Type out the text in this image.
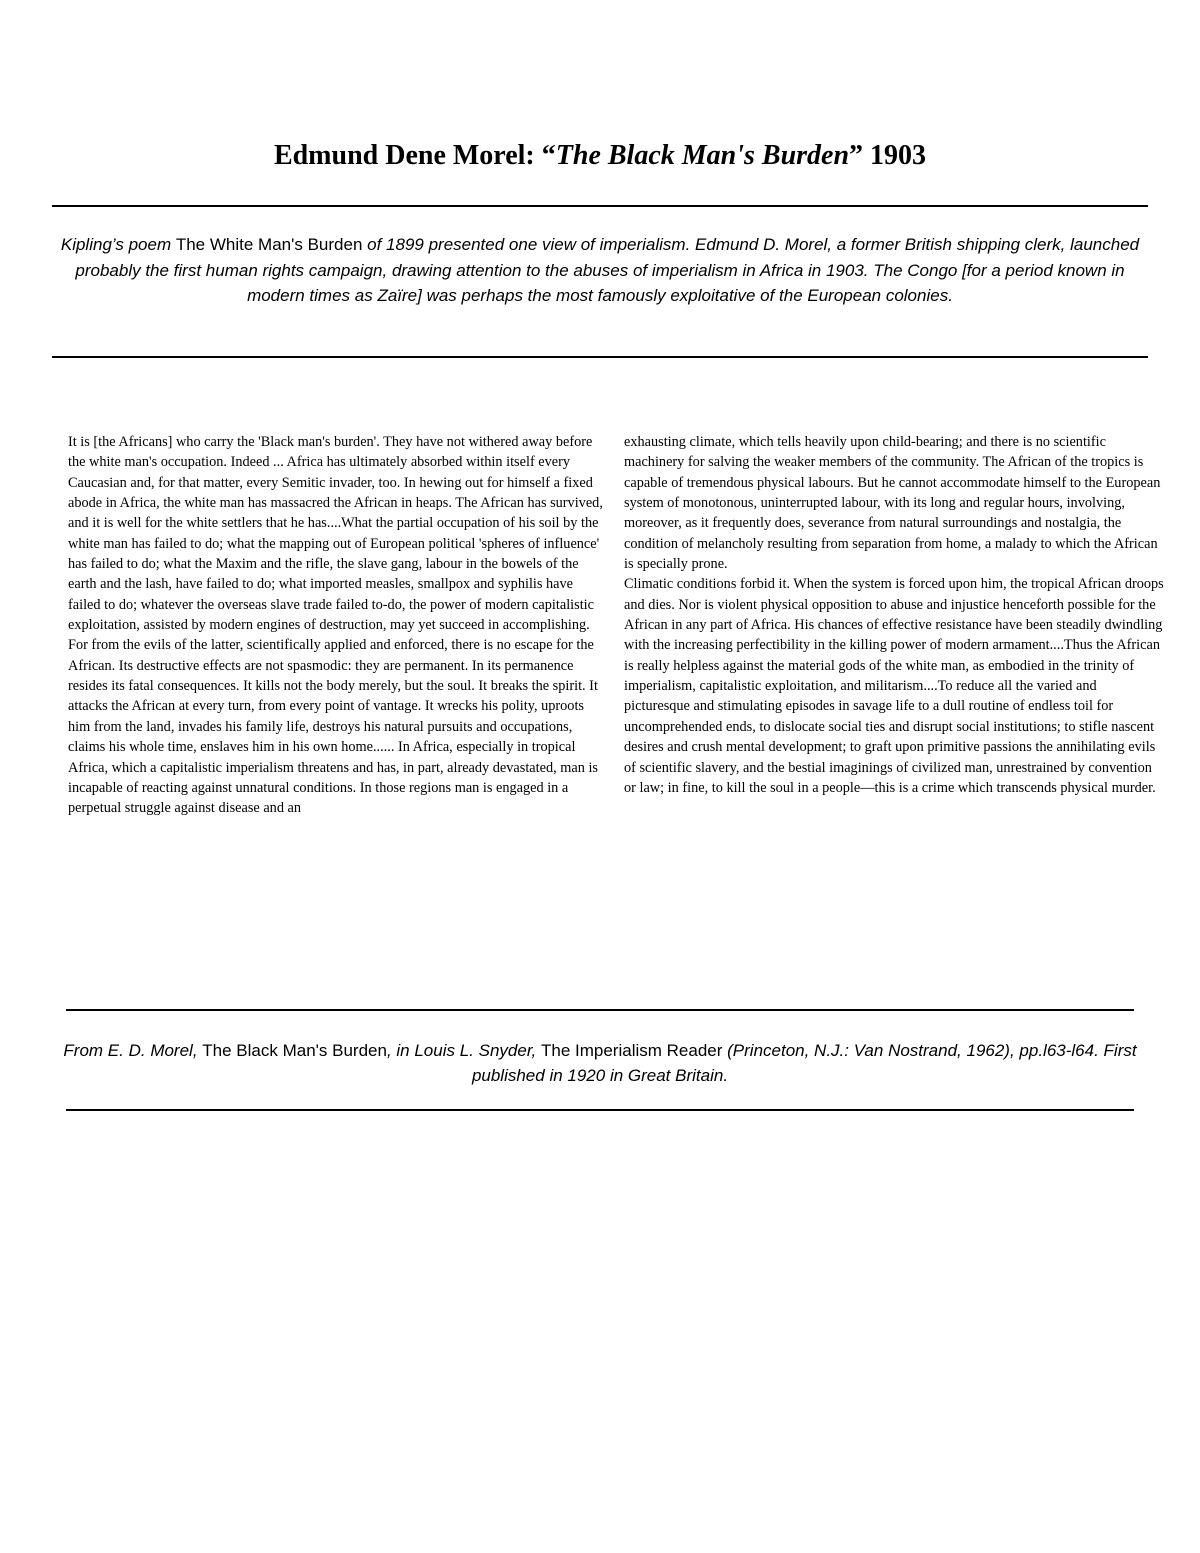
Edmund Dene Morel: “The Black Man's Burden” 1903

Kipling’s poem The White Man's Burden of 1899 presented one view of imperialism. Edmund D. Morel, a former British shipping clerk, launched probably the first human rights campaign, drawing attention to the abuses of imperialism in Africa in 1903. The Congo [for a period known in modern times as Zaïre] was perhaps the most famously exploitative of the European colonies.

It is [the Africans] who carry the 'Black man's burden'. They have not withered away before the white man's occupation. Indeed ... Africa has ultimately absorbed within itself every Caucasian and, for that matter, every Semitic invader, too. In hewing out for himself a fixed abode in Africa, the white man has massacred the African in heaps. The African has survived, and it is well for the white settlers that he has....What the partial occupation of his soil by the white man has failed to do; what the mapping out of European political 'spheres of influence' has failed to do; what the Maxim and the rifle, the slave gang, labour in the bowels of the earth and the lash, have failed to do; what imported measles, smallpox and syphilis have failed to do; whatever the overseas slave trade failed to-do, the power of modern capitalistic exploitation, assisted by modern engines of destruction, may yet succeed in accomplishing. For from the evils of the latter, scientifically applied and enforced, there is no escape for the African. Its destructive effects are not spasmodic: they are permanent. In its permanence resides its fatal consequences. It kills not the body merely, but the soul. It breaks the spirit. It attacks the African at every turn, from every point of vantage. It wrecks his polity, uproots him from the land, invades his family life, destroys his natural pursuits and occupations, claims his whole time, enslaves him in his own home...... In Africa, especially in tropical Africa, which a capitalistic imperialism threatens and has, in part, already devastated, man is incapable of reacting against unnatural conditions. In those regions man is engaged in a perpetual struggle against disease and an
exhausting climate, which tells heavily upon child-bearing; and there is no scientific machinery for salving the weaker members of the community. The African of the tropics is capable of tremendous physical labours. But he cannot accommodate himself to the European system of monotonous, uninterrupted labour, with its long and regular hours, involving, moreover, as it frequently does, severance from natural surroundings and nostalgia, the condition of melancholy resulting from separation from home, a malady to which the African is specially prone.
Climatic conditions forbid it. When the system is forced upon him, the tropical African droops and dies. Nor is violent physical opposition to abuse and injustice henceforth possible for the African in any part of Africa. His chances of effective resistance have been steadily dwindling with the increasing perfectibility in the killing power of modern armament....Thus the African is really helpless against the material gods of the white man, as embodied in the trinity of imperialism, capitalistic exploitation, and militarism....To reduce all the varied and picturesque and stimulating episodes in savage life to a dull routine of endless toil for uncomprehended ends, to dislocate social ties and disrupt social institutions; to stifle nascent desires and crush mental development; to graft upon primitive passions the annihilating evils of scientific slavery, and the bestial imaginings of civilized man, unrestrained by convention or law; in fine, to kill the soul in a people—this is a crime which transcends physical murder.

From E. D. Morel, The Black Man's Burden, in Louis L. Snyder, The Imperialism Reader (Princeton, N.J.: Van Nostrand, 1962), pp.l63-l64. First published in 1920 in Great Britain.
